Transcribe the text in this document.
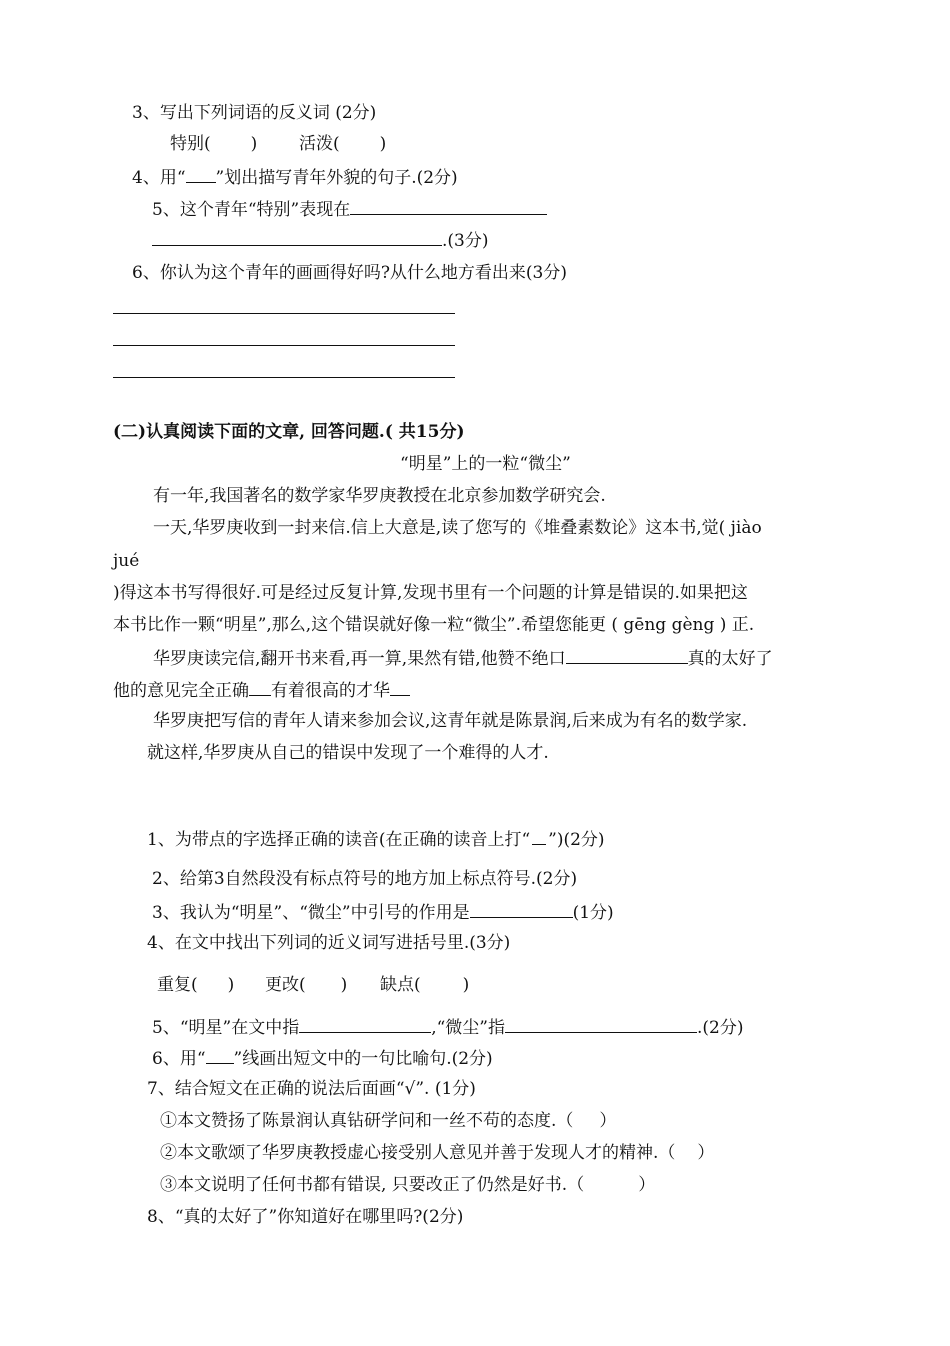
3、写出下列词语的反义词 (2分)
特别( ) 活泼( )
4、用“ ”划出描写青年外貌的句子.(2分)
5、这个青年“特别”表现在
.(3分)
6、你认为这个青年的画画得好吗?从什么地方看出来(3分)
(二)认真阅读下面的文章, 回答问题.( 共15分)
“明星”上的一粒“微尘”
有一年,我国著名的数学家华罗庚教授在北京参加数学研究会.
一天,华罗庚收到一封来信.信上大意是,读了您写的《堆叠素数论》这本书,觉( jiào
jué
)得这本书写得很好.可是经过反复计算,发现书里有一个问题的计算是错误的.如果把这
本书比作一颗“明星”,那么,这个错误就好像一粒“微尘”.希望您能更 ( gēng gèng ) 正.
华罗庚读完信,翻开书来看,再一算,果然有错,他赞不绝口	真的太好了
他的意见完全正确 有着很高的才华
华罗庚把写信的青年人请来参加会议,这青年就是陈景润,后来成为有名的数学家.
就这样,华罗庚从自己的错误中发现了一个难得的人才.
1、为带点的字选择正确的读音(在正确的读音上打“ ”)(2分)
2、给第3自然段没有标点符号的地方加上标点符号.(2分)
3、我认为“明星”、“微尘”中引号的作用是	(1分)
4、在文中找出下列词的近义词写进括号里.(3分)
重复( ) 更改( ) 缺点( )
5、“明星”在文中指	,“微尘”指	.(2分)
6、用“ ”线画出短文中的一句比喻句.(2分)
7、结合短文在正确的说法后面画“√”. (1分)
①本文赞扬了陈景润认真钻研学问和一丝不苟的态度.（ ）
②本文歌颂了华罗庚教授虚心接受别人意见并善于发现人才的精神.（ ）
③本文说明了任何书都有错误, 只要改正了仍然是好书.（	）
8、“真的太好了”你知道好在哪里吗?(2分)
